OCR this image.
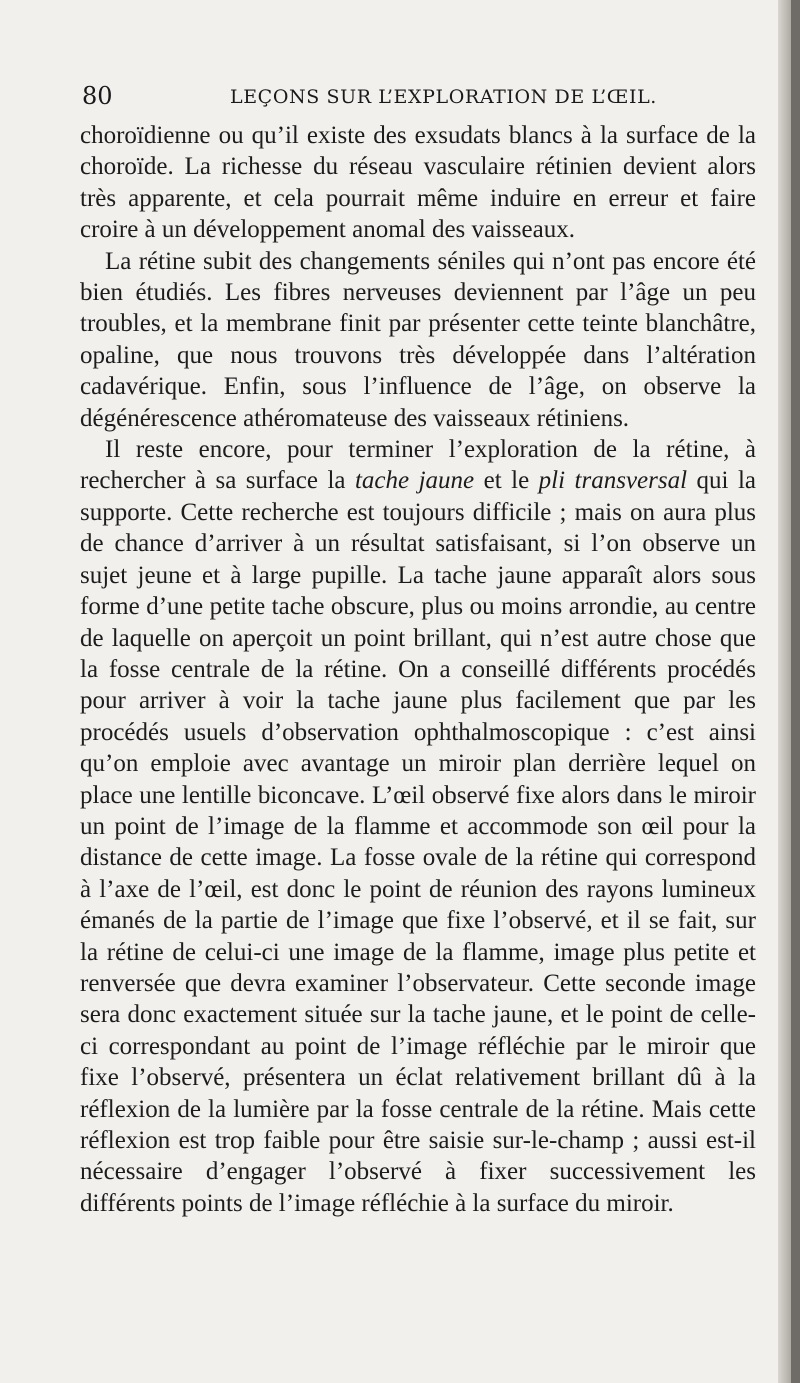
80	LEÇONS SUR L’EXPLORATION DE L’ŒIL.

choroïdienne ou qu’il existe des exsudats blancs à la surface de la choroïde. La richesse du réseau vasculaire rétinien devient alors très apparente, et cela pourrait même induire en erreur et faire croire à un développement anomal des vaisseaux.

La rétine subit des changements séniles qui n’ont pas encore été bien étudiés. Les fibres nerveuses deviennent par l’âge un peu troubles, et la membrane finit par présenter cette teinte blanchâtre, opaline, que nous trouvons très développée dans l’altération cadavérique. Enfin, sous l’influence de l’âge, on observe la dégénérescence athéromateuse des vaisseaux rétiniens.

Il reste encore, pour terminer l’exploration de la rétine, à rechercher à sa surface la tache jaune et le pli transversal qui la supporte. Cette recherche est toujours difficile ; mais on aura plus de chance d’arriver à un résultat satisfaisant, si l’on observe un sujet jeune et à large pupille. La tache jaune apparaît alors sous forme d’une petite tache obscure, plus ou moins arrondie, au centre de laquelle on aperçoit un point brillant, qui n’est autre chose que la fosse centrale de la rétine. On a conseillé différents procédés pour arriver à voir la tache jaune plus facilement que par les procédés usuels d’observation ophthalmoscopique : c’est ainsi qu’on emploie avec avantage un miroir plan derrière lequel on place une lentille biconcave. L’œil observé fixe alors dans le miroir un point de l’image de la flamme et accommode son œil pour la distance de cette image. La fosse ovale de la rétine qui correspond à l’axe de l’œil, est donc le point de réunion des rayons lumineux émanés de la partie de l’image que fixe l’observé, et il se fait, sur la rétine de celui-ci une image de la flamme, image plus petite et renversée que devra examiner l’observateur. Cette seconde image sera donc exactement située sur la tache jaune, et le point de celle-ci correspondant au point de l’image réfléchie par le miroir que fixe l’observé, présentera un éclat relativement brillant dû à la réflexion de la lumière par la fosse centrale de la rétine. Mais cette réflexion est trop faible pour être saisie sur-le-champ ; aussi est-il nécessaire d’engager l’observé à fixer successivement les différents points de l’image réfléchie à la surface du miroir.
